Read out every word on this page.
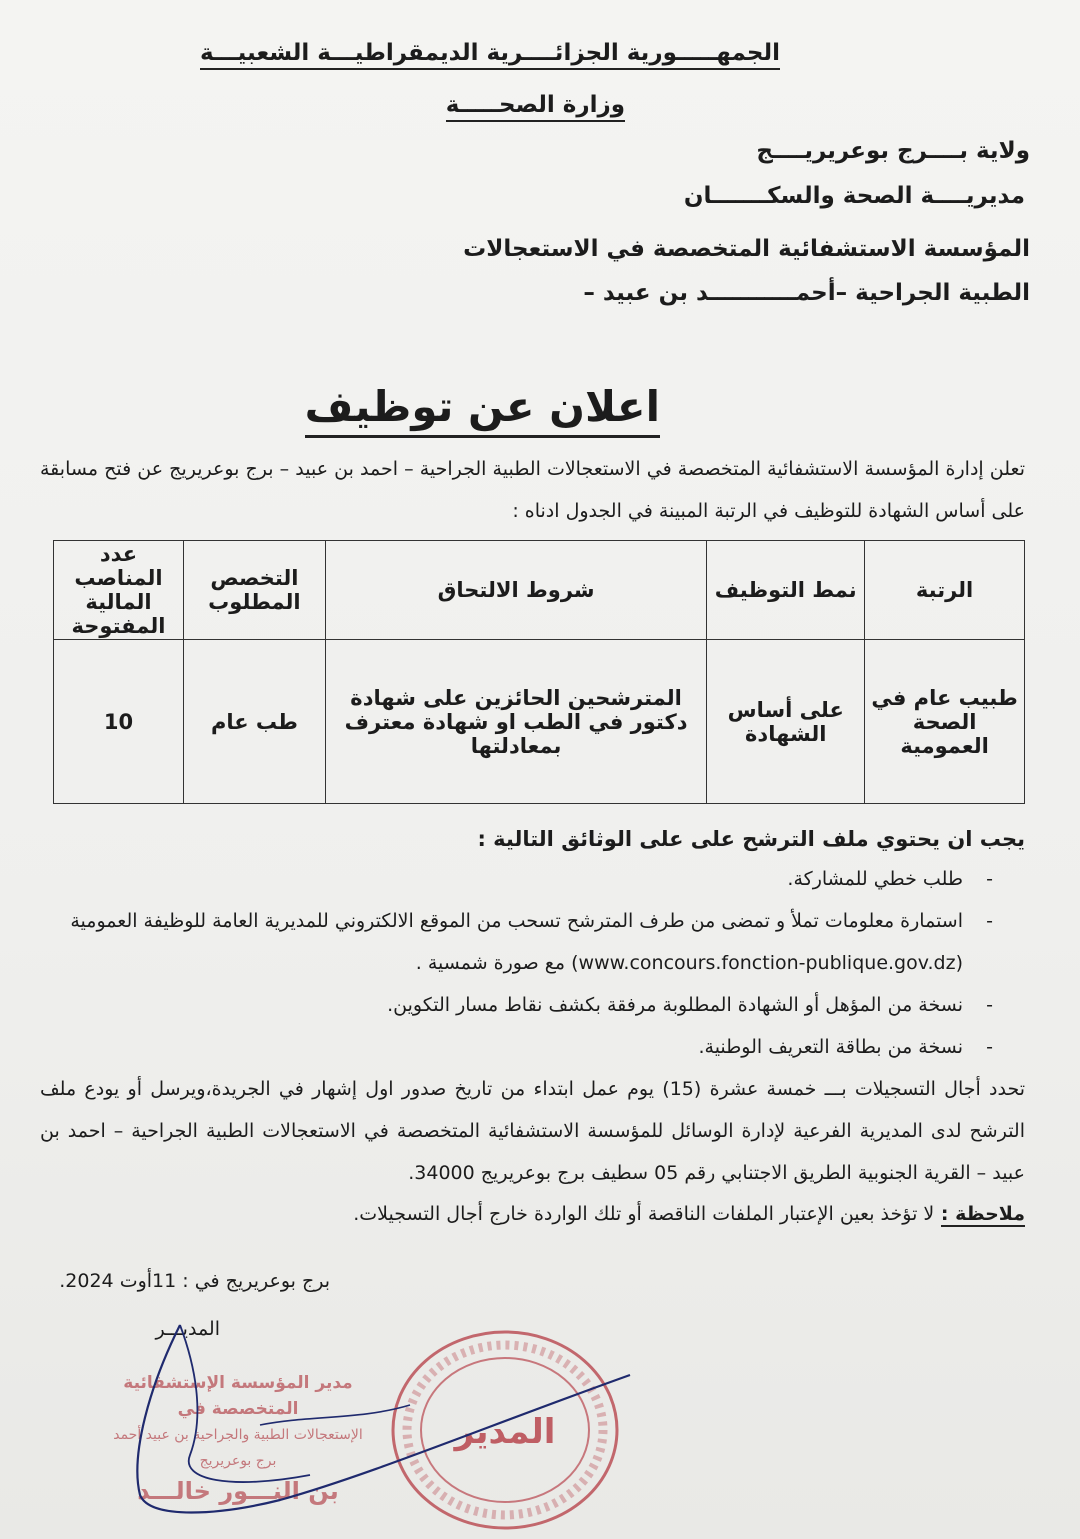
الجمهـــــورية الجزائــــرية الديمقراطيـــة الشعبيـــة
وزارة الصحـــــة
ولاية بــــرج بوعريريــــج
مديريــــة الصحة والسكـــــــان
المؤسسة الاستشفائية المتخصصة في الاستعجالات
الطبية الجراحية –أحمـــــــــــد بن عبيد –
اعلان عن توظيف
تعلن إدارة المؤسسة الاستشفائية المتخصصة في الاستعجالات الطبية الجراحية – احمد بن عبيد – برج بوعريريج عن فتح مسابقة على أساس الشهادة للتوظيف في الرتبة المبينة في الجدول ادناه :
الرتبة	نمط التوظيف	شروط الالتحاق	التخصص المطلوب	عدد المناصب المالية المفتوحة
طبيب عام في الصحة العمومية	على أساس الشهادة	المترشحين الحائزين على شهادة دكتور في الطب او شهادة معترف بمعادلتها	طب عام	10
يجب ان يحتوي ملف الترشح على على الوثائق التالية :
- طلب خطي للمشاركة.
- استمارة معلومات تملأ و تمضى من طرف المترشح تسحب من الموقع الالكتروني للمديرية العامة للوظيفة العمومية (www.concours.fonction-publique.gov.dz) مع صورة شمسية .
- نسخة من المؤهل أو الشهادة المطلوبة مرفقة بكشف نقاط مسار التكوين.
- نسخة من بطاقة التعريف الوطنية.
تحدد أجال التسجيلات بـــ خمسة عشرة (15) يوم عمل ابتداء من تاريخ صدور اول إشهار في الجريدة،ويرسل أو يودع ملف الترشح لدى المديرية الفرعية لإدارة الوسائل للمؤسسة الاستشفائية المتخصصة في الاستعجالات الطبية الجراحية – احمد بن عبيد – القرية الجنوبية الطريق الاجتنابي رقم 05 سطيف برج بوعريريج 34000.
ملاحظة : لا تؤخذ بعين الإعتبار الملفات الناقصة أو تلك الواردة خارج أجال التسجيلات.
برج بوعريريج في : 11أوت 2024.
المديـــر
مدير المؤسسة الإستشفائية المتخصصة في
الإستعجالات الطبية والجراحية بن عبيد أحمد
برج بوعريريج
بن النـــور خالـــد
المدير
